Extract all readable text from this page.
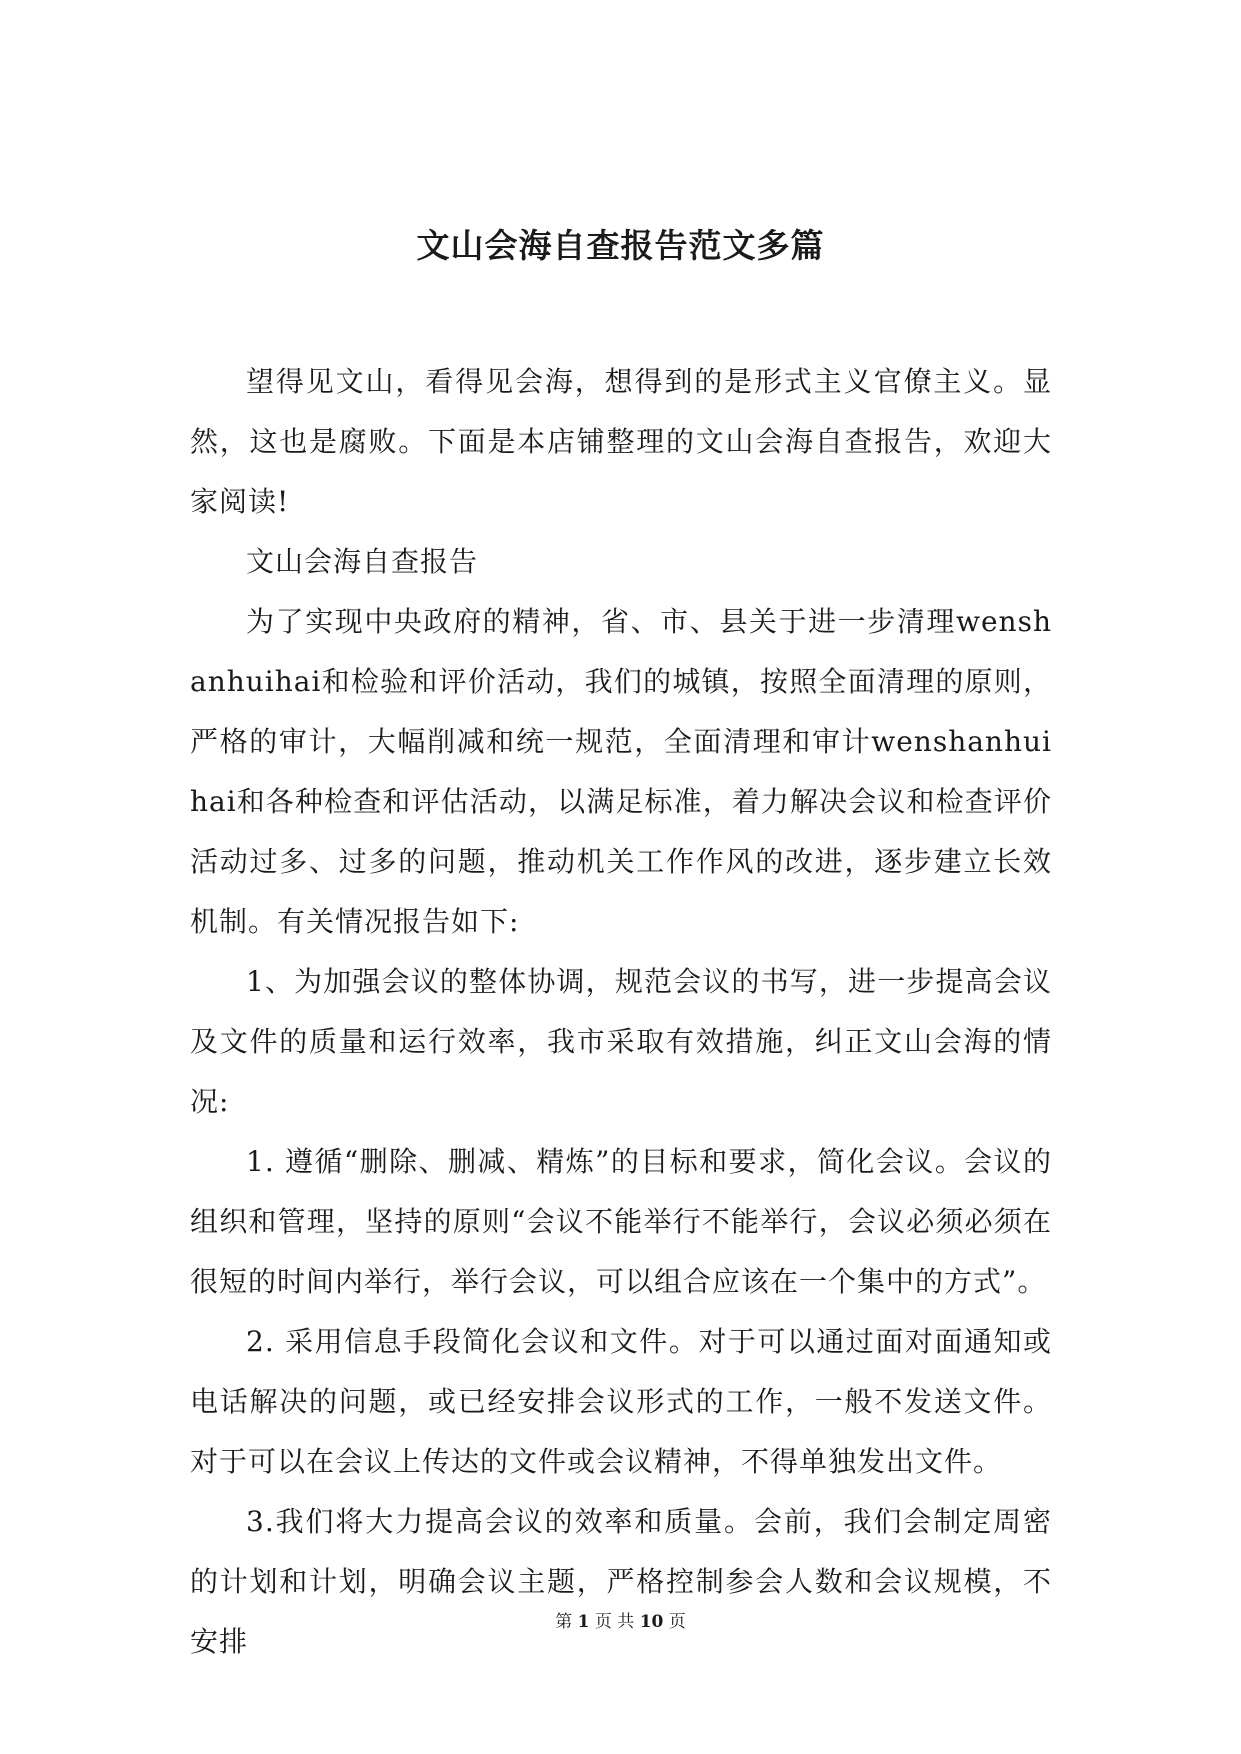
文山会海自查报告范文多篇

望得见文山，看得见会海，想得到的是形式主义官僚主义。显然，这也是腐败。下面是本店铺整理的文山会海自查报告，欢迎大家阅读!

文山会海自查报告

为了实现中央政府的精神，省、市、县关于进一步清理wenshanhuihai和检验和评价活动，我们的城镇，按照全面清理的原则，严格的审计，大幅削减和统一规范，全面清理和审计wenshanhuihai和各种检查和评估活动，以满足标准，着力解决会议和检查评价活动过多、过多的问题，推动机关工作作风的改进，逐步建立长效机制。有关情况报告如下:

1、为加强会议的整体协调，规范会议的书写，进一步提高会议及文件的质量和运行效率，我市采取有效措施，纠正文山会海的情况:

1. 遵循“删除、删减、精炼”的目标和要求，简化会议。会议的组织和管理，坚持的原则“会议不能举行不能举行，会议必须必须在很短的时间内举行，举行会议，可以组合应该在一个集中的方式”。

2. 采用信息手段简化会议和文件。对于可以通过面对面通知或电话解决的问题，或已经安排会议形式的工作，一般不发送文件。对于可以在会议上传达的文件或会议精神，不得单独发出文件。

3.我们将大力提高会议的效率和质量。会前，我们会制定周密的计划和计划，明确会议主题，严格控制参会人数和会议规模，不安排

第 1 页 共 10 页
